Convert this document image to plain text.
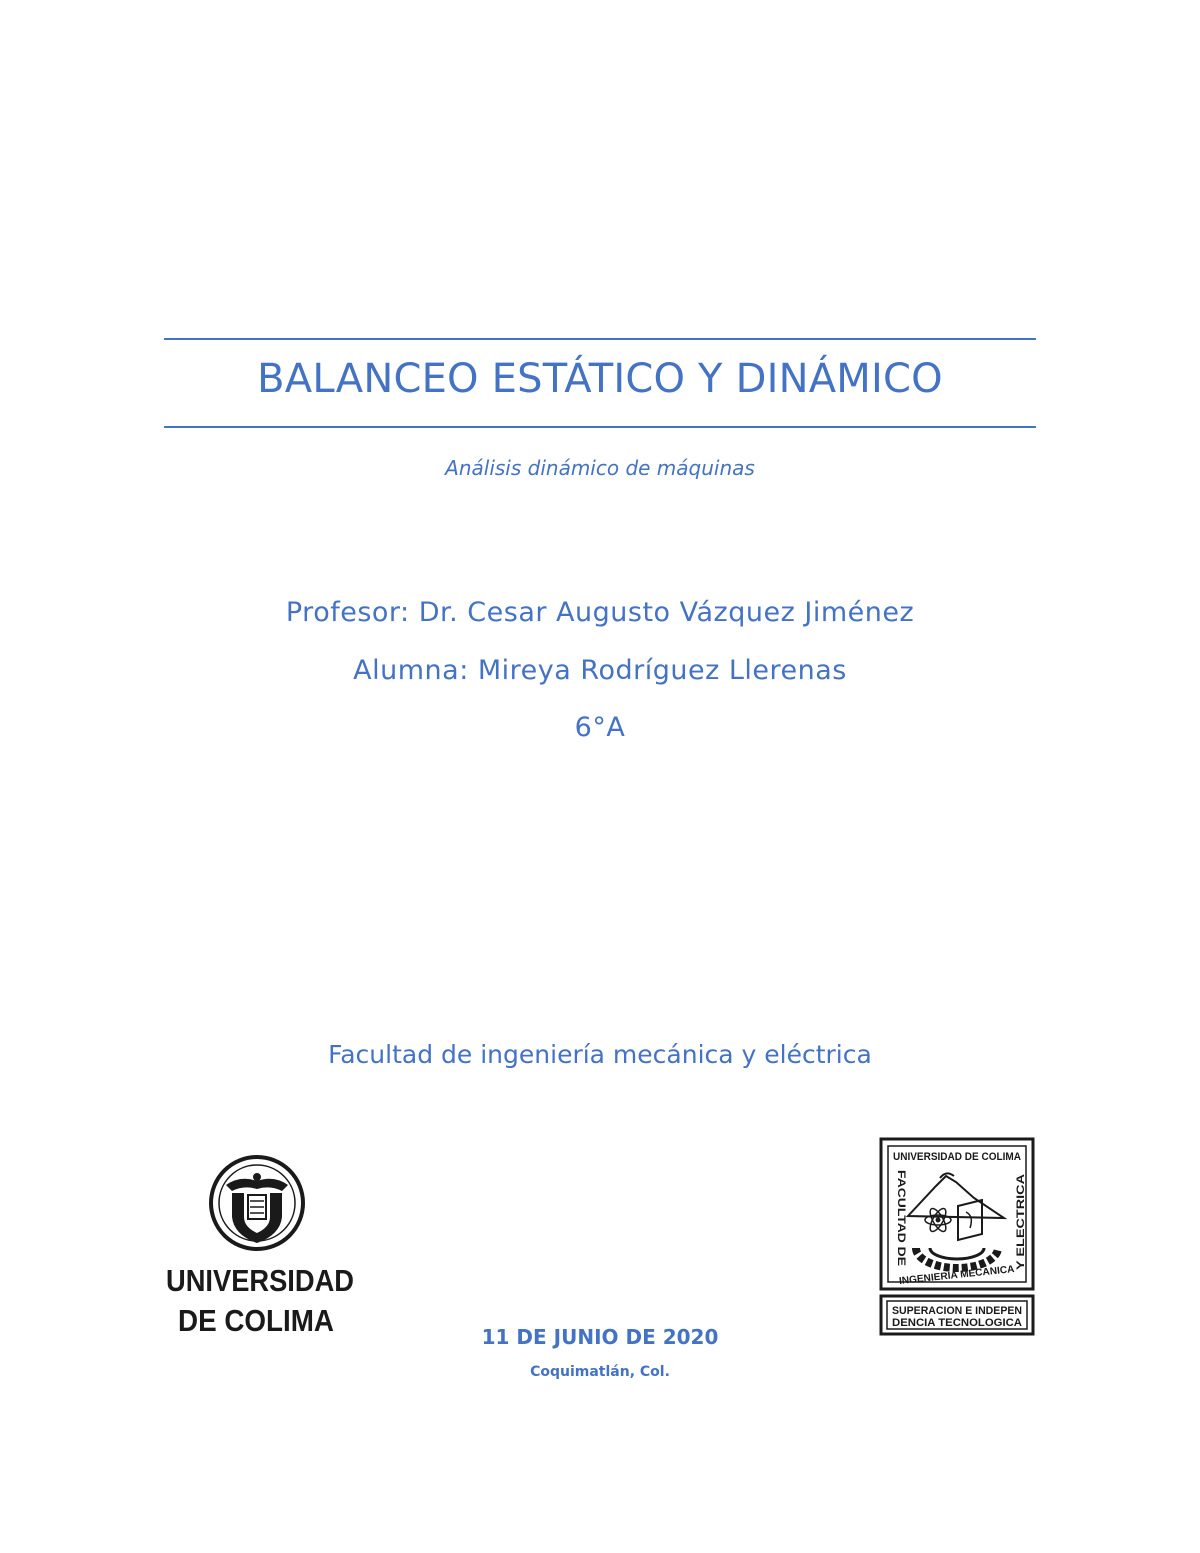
BALANCEO ESTÁTICO Y DINÁMICO
Análisis dinámico de máquinas
Profesor: Dr. Cesar Augusto Vázquez Jiménez
Alumna: Mireya Rodríguez Llerenas
6°A
Facultad de ingeniería mecánica y eléctrica
UNIVERSIDAD
DE COLIMA
UNIVERSIDAD DE COLIMA
FACULTAD DE	Y ELECTRICA
INGENIERIA MECANICA
SUPERACION E INDEPEN
DENCIA TECNOLOGICA
11 DE JUNIO DE 2020
Coquimatlán, Col.
